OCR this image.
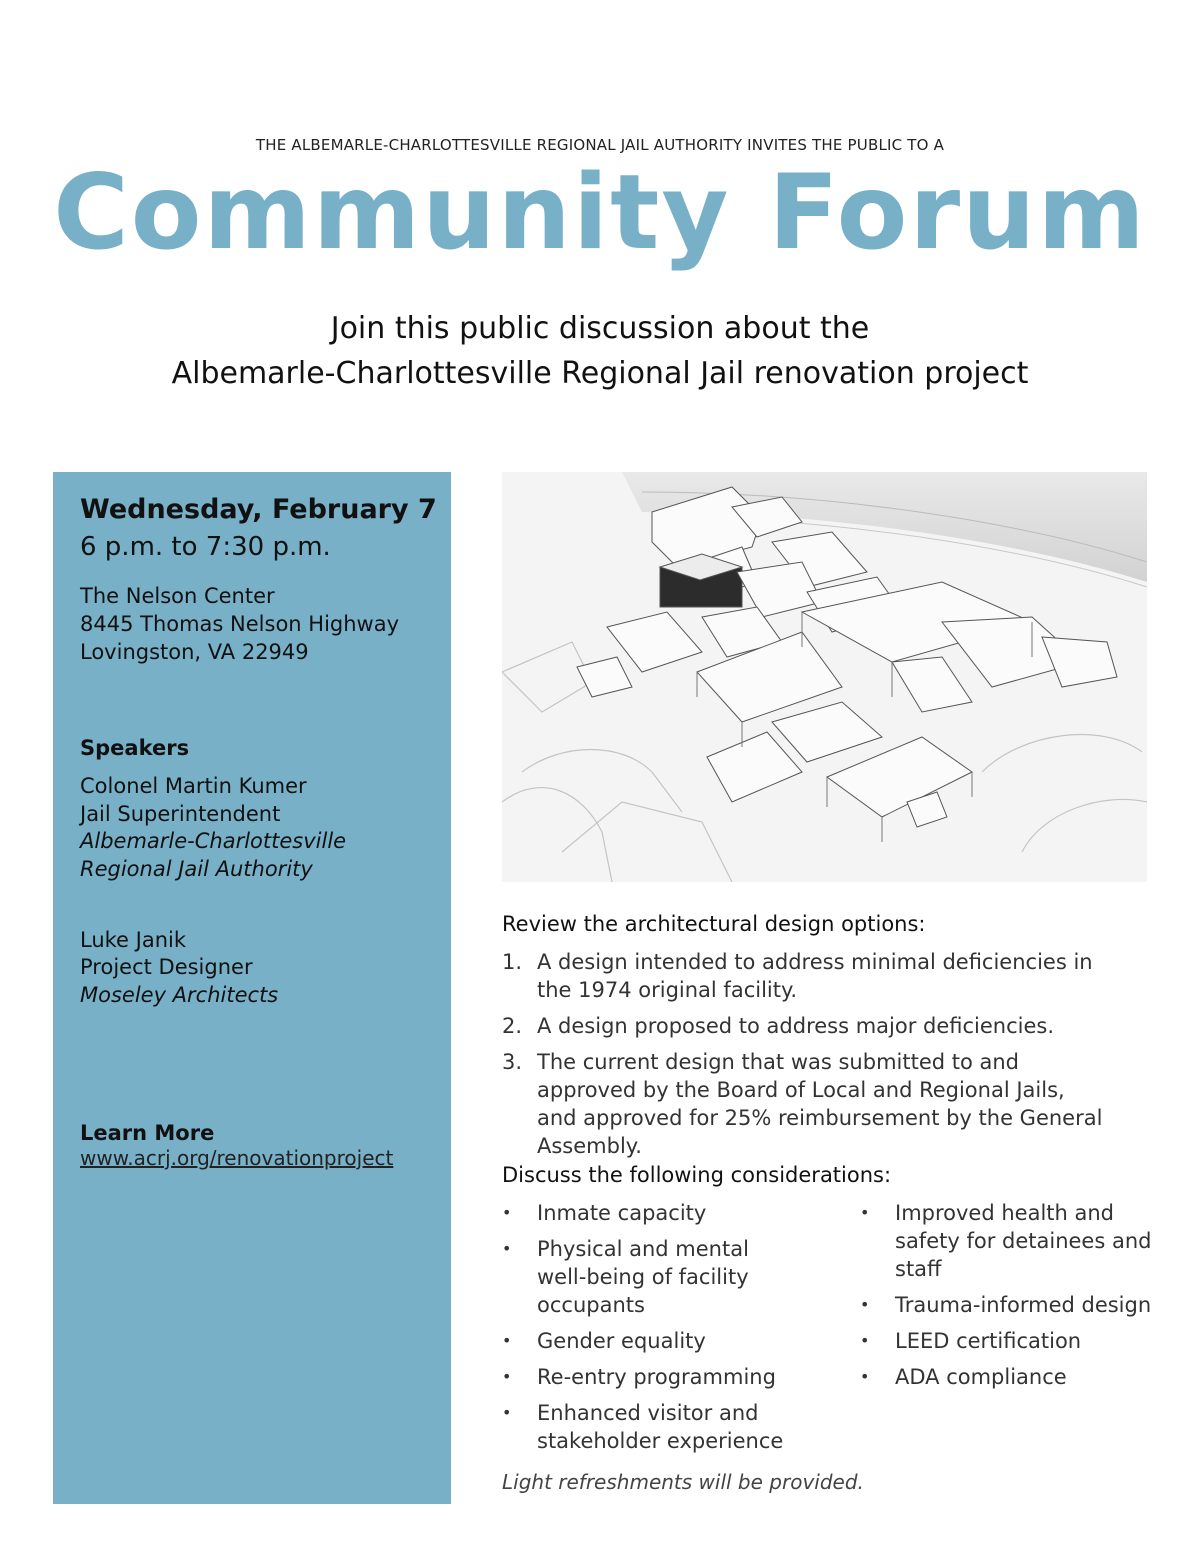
THE ALBEMARLE-CHARLOTTESVILLE REGIONAL JAIL AUTHORITY INVITES THE PUBLIC TO A
Community Forum
Join this public discussion about the
Albemarle-Charlottesville Regional Jail renovation project
Wednesday, February 7
6 p.m. to 7:30 p.m.
The Nelson Center
8445 Thomas Nelson Highway
Lovingston, VA 22949
Speakers
Colonel Martin Kumer
Jail Superintendent
Albemarle-Charlottesville
Regional Jail Authority
Luke Janik
Project Designer
Moseley Architects
Learn More
www.acrj.org/renovationproject
Review the architectural design options:
1. A design intended to address minimal deficiencies in the 1974 original facility.
2. A design proposed to address major deficiencies.
3. The current design that was submitted to and approved by the Board of Local and Regional Jails, and approved for 25% reimbursement by the General Assembly.
Discuss the following considerations:
• Inmate capacity
• Physical and mental well-being of facility occupants
• Gender equality
• Re-entry programming
• Enhanced visitor and stakeholder experience
• Improved health and safety for detainees and staff
• Trauma-informed design
• LEED certification
• ADA compliance
Light refreshments will be provided.
